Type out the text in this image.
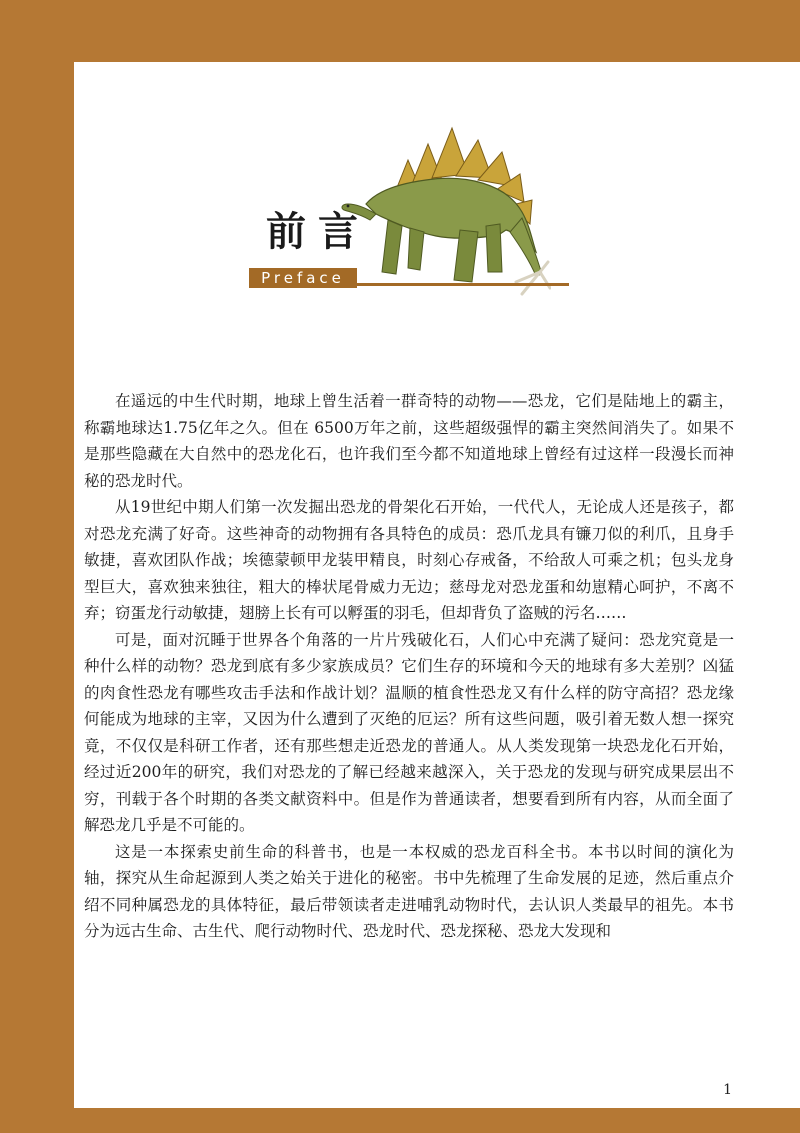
前言
Preface

在遥远的中生代时期，地球上曾生活着一群奇特的动物——恐龙，它们是陆地上的霸主，称霸地球达1.75亿年之久。但在 6500万年之前，这些超级强悍的霸主突然间消失了。如果不是那些隐藏在大自然中的恐龙化石，也许我们至今都不知道地球上曾经有过这样一段漫长而神秘的恐龙时代。

从19世纪中期人们第一次发掘出恐龙的骨架化石开始，一代代人，无论成人还是孩子，都对恐龙充满了好奇。这些神奇的动物拥有各具特色的成员：恐爪龙具有镰刀似的利爪，且身手敏捷，喜欢团队作战；埃德蒙顿甲龙装甲精良，时刻心存戒备，不给敌人可乘之机；包头龙身型巨大，喜欢独来独往，粗大的棒状尾骨威力无边；慈母龙对恐龙蛋和幼崽精心呵护，不离不弃；窃蛋龙行动敏捷，翅膀上长有可以孵蛋的羽毛，但却背负了盗贼的污名……

可是，面对沉睡于世界各个角落的一片片残破化石，人们心中充满了疑问：恐龙究竟是一种什么样的动物？恐龙到底有多少家族成员？它们生存的环境和今天的地球有多大差别？凶猛的肉食性恐龙有哪些攻击手法和作战计划？温顺的植食性恐龙又有什么样的防守高招？恐龙缘何能成为地球的主宰，又因为什么遭到了灭绝的厄运？所有这些问题，吸引着无数人想一探究竟，不仅仅是科研工作者，还有那些想走近恐龙的普通人。从人类发现第一块恐龙化石开始，经过近200年的研究，我们对恐龙的了解已经越来越深入，关于恐龙的发现与研究成果层出不穷，刊载于各个时期的各类文献资料中。但是作为普通读者，想要看到所有内容，从而全面了解恐龙几乎是不可能的。

这是一本探索史前生命的科普书，也是一本权威的恐龙百科全书。本书以时间的演化为轴，探究从生命起源到人类之始关于进化的秘密。书中先梳理了生命发展的足迹，然后重点介绍不同种属恐龙的具体特征，最后带领读者走进哺乳动物时代，去认识人类最早的祖先。本书分为远古生命、古生代、爬行动物时代、恐龙时代、恐龙探秘、恐龙大发现和

1
